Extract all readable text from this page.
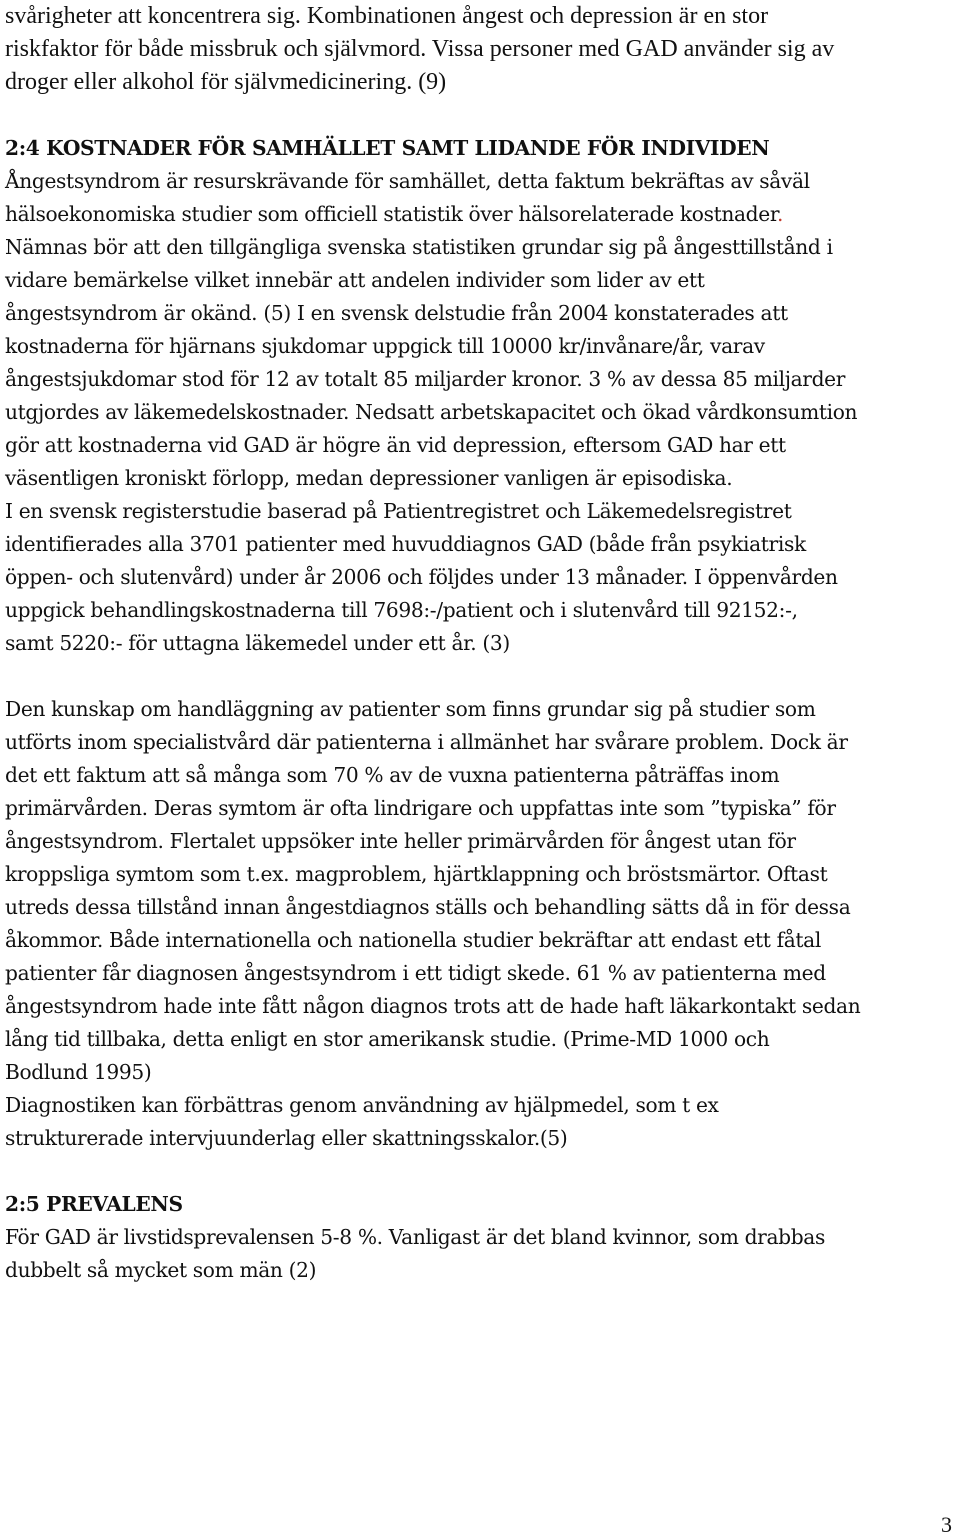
svårigheter att koncentrera sig. Kombinationen ångest och depression är en stor
riskfaktor för både missbruk och självmord. Vissa personer med GAD använder sig av
droger eller alkohol för självmedicinering. (9)
2:4 KOSTNADER FÖR SAMHÄLLET SAMT LIDANDE FÖR INDIVIDEN
Ångestsyndrom är resurskrävande för samhället, detta faktum bekräftas av såväl
hälsoekonomiska studier som officiell statistik över hälsorelaterade kostnader.
Nämnas bör att den tillgängliga svenska statistiken grundar sig på ångesttillstånd i
vidare bemärkelse vilket innebär att andelen individer som lider av ett
ångestsyndrom är okänd. (5) I en svensk delstudie från 2004 konstaterades att
kostnaderna för hjärnans sjukdomar uppgick till 10000 kr/invånare/år, varav
ångestsjukdomar stod för 12 av totalt 85 miljarder kronor. 3 % av dessa 85 miljarder
utgjordes av läkemedelskostnader. Nedsatt arbetskapacitet och ökad vårdkonsumtion
gör att kostnaderna vid GAD är högre än vid depression, eftersom GAD har ett
väsentligen kroniskt förlopp, medan depressioner vanligen är episodiska.
I en svensk registerstudie baserad på Patientregistret och Läkemedelsregistret
identifierades alla 3701 patienter med huvuddiagnos GAD (både från psykiatrisk
öppen- och slutenvård) under år 2006 och följdes under 13 månader. I öppenvården
uppgick behandlingskostnaderna till 7698:-/patient och i slutenvård till 92152:-,
samt 5220:- för uttagna läkemedel under ett år. (3)
Den kunskap om handläggning av patienter som finns grundar sig på studier som
utförts inom specialistvård där patienterna i allmänhet har svårare problem. Dock är
det ett faktum att så många som 70 % av de vuxna patienterna påträffas inom
primärvården. Deras symtom är ofta lindrigare och uppfattas inte som ”typiska” för
ångestsyndrom. Flertalet uppsöker inte heller primärvården för ångest utan för
kroppsliga symtom som t.ex. magproblem, hjärtklappning och bröstsmärtor. Oftast
utreds dessa tillstånd innan ångestdiagnos ställs och behandling sätts då in för dessa
åkommor. Både internationella och nationella studier bekräftar att endast ett fåtal
patienter får diagnosen ångestsyndrom i ett tidigt skede. 61 % av patienterna med
ångestsyndrom hade inte fått någon diagnos trots att de hade haft läkarkontakt sedan
lång tid tillbaka, detta enligt en stor amerikansk studie. (Prime-MD 1000 och
Bodlund 1995)
Diagnostiken kan förbättras genom användning av hjälpmedel, som t ex
strukturerade intervjuunderlag eller skattningsskalor.(5)
2:5 PREVALENS
För GAD är livstidsprevalensen 5-8 %. Vanligast är det bland kvinnor, som drabbas
dubbelt så mycket som män (2)
3
